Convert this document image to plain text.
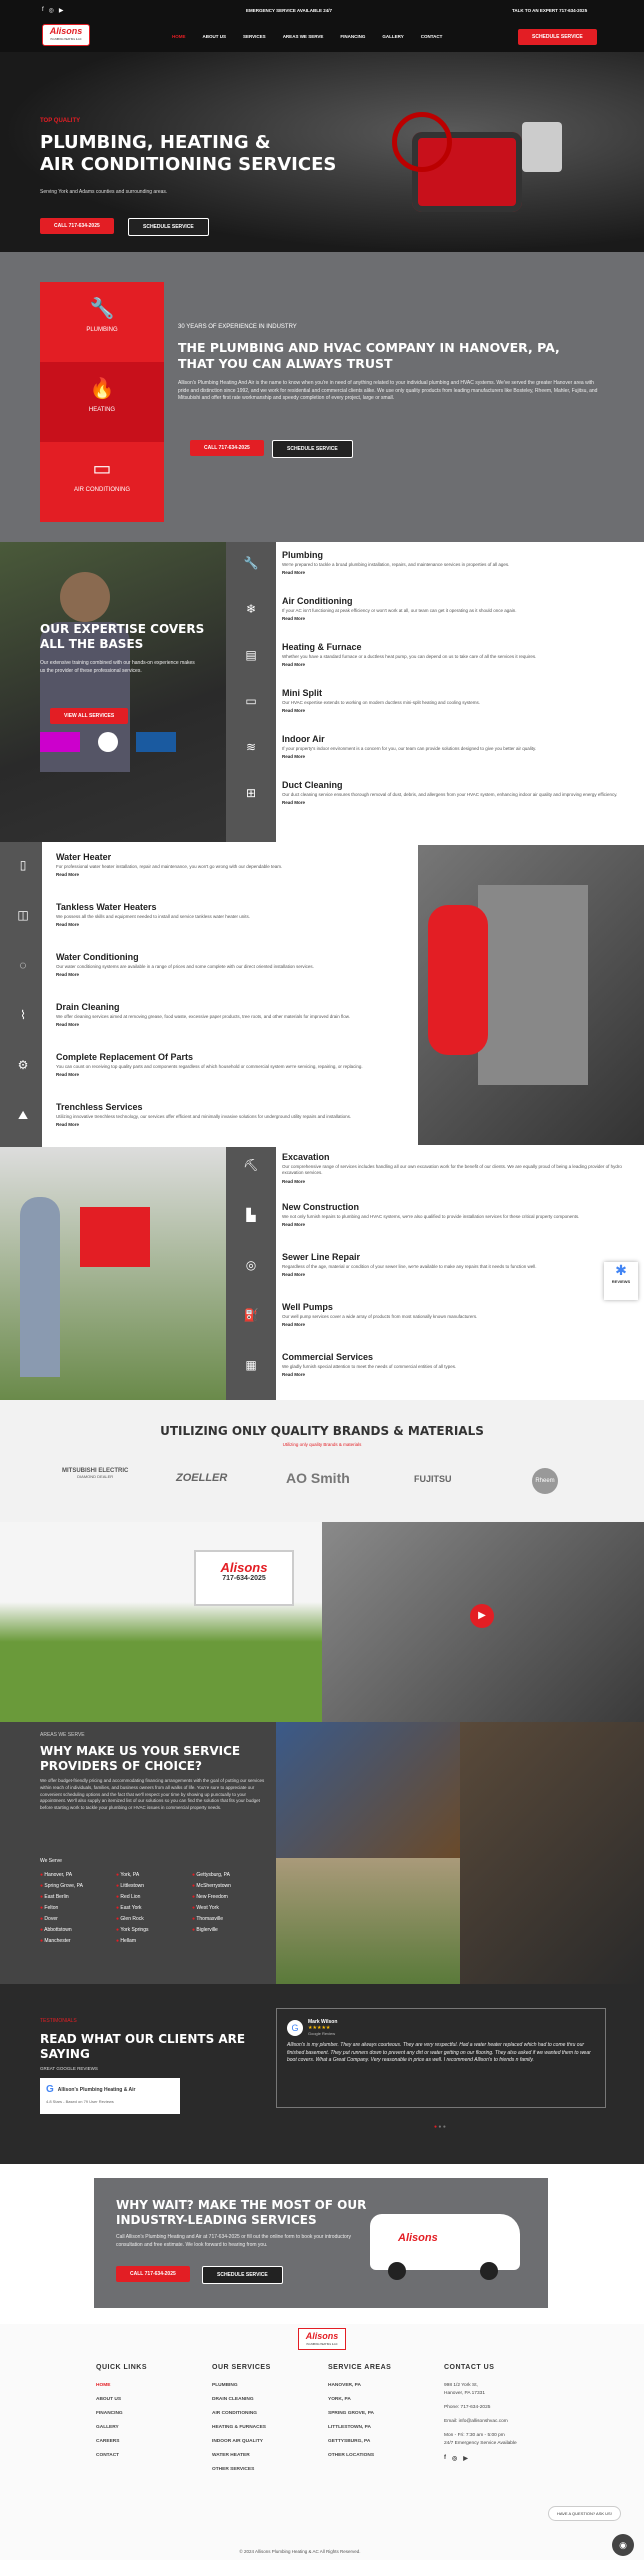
f ◎ ▶	EMERGENCY SERVICE AVAILABLE 24/7	TALK TO AN EXPERT 717-634-2025
Alisons
PLUMBING HEATING & AC
HOME	ABOUT US	SERVICES	AREAS WE SERVE	FINANCING	GALLERY	CONTACT	SCHEDULE SERVICE
TOP QUALITY
PLUMBING, HEATING &
AIR CONDITIONING SERVICES
Serving York and Adams counties and surrounding areas.
CALL 717-634-2025	SCHEDULE SERVICE
🔧
PLUMBING
🔥
HEATING
▭
AIR CONDITIONING
30 YEARS OF EXPERIENCE IN INDUSTRY
THE PLUMBING AND HVAC COMPANY IN HANOVER, PA, THAT YOU CAN ALWAYS TRUST
Allison's Plumbing Heating And Air is the name to know when you're in need of anything related to your individual plumbing and HVAC systems. We've served the greater Hanover area with pride and distinction since 1992, and we work for residential and commercial clients alike. We use only quality products from leading manufacturers like Bosteley, Rheem, Mahler, Fujitsu, and Mitsubishi and offer first rate workmanship and speedy completion of every project, large or small.
CALL 717-634-2025	SCHEDULE SERVICE
OUR EXPERTISE COVERS
ALL THE BASES
Our extensive training combined with our hands-on experience makes us the provider of these professional services.
VIEW ALL SERVICES
🔧
Plumbing
We're prepared to tackle a broad plumbing installation, repairs, and maintenance services in properties of all ages.
Read More
❄
Air Conditioning
If your AC isn't functioning at peak efficiency or won't work at all, our team can get it operating as it should once again.
Read More
▤
Heating & Furnace
Whether you have a standard furnace or a ductless heat pump, you can depend on us to take care of all the services it requires.
Read More
▭
Mini Split
Our HVAC expertise extends to working on modern ductless mini-split heating and cooling systems.
Read More
≋
Indoor Air
If your property's indoor environment is a concern for you, our team can provide solutions designed to give you better air quality.
Read More
⊞
Duct Cleaning
Our duct cleaning service ensures thorough removal of dust, debris, and allergens from your HVAC system, enhancing indoor air quality and improving energy efficiency.
Read More
▯
Water Heater
For professional water heater installation, repair and maintenance, you won't go wrong with our dependable team.
Read More
◫
Tankless Water Heaters
We possess all the skills and equipment needed to install and service tankless water heater units.
Read More
◌
Water Conditioning
Our water conditioning systems are available in a range of prices and some complete with our direct oriented installation services.
Read More
⌇
Drain Cleaning
We offer cleaning services aimed at removing grease, food waste, excessive paper products, tree roots, and other materials for improved drain flow.
Read More
⚙
Complete Replacement Of Parts
You can count on receiving top quality parts and components regardless of which household or commercial system we're servicing, repairing, or replacing.
Read More
⛰
Trenchless Services
Utilizing innovative trenchless technology, our services offer efficient and minimally invasive solutions for underground utility repairs and installations.
Read More
⛏
Excavation
Our comprehensive range of services includes handling all our own excavation work for the benefit of our clients. We are equally proud of being a leading provider of hydro excavation services.
Read More
▙
New Construction
We not only furnish repairs to plumbing and HVAC systems, we're also qualified to provide installation services for these critical property components.
Read More
◎
Sewer Line Repair
Regardless of the age, material or condition of your sewer line, we're available to make any repairs that it needs to function well.
Read More
⛽
Well Pumps
Our well pump services cover a wide array of products from most nationally known manufacturers.
Read More
▦
Commercial Services
We gladly furnish special attention to meet the needs of commercial entities of all types.
Read More
✱
REVIEWS
UTILIZING ONLY QUALITY BRANDS & MATERIALS
Utilizing only quality Brands & materials
MITSUBISHI ELECTRIC
DIAMOND DEALER	ZOELLER	AO Smith	FUJITSU	Rheem
Alisons
717-634-2025
▶
AREAS WE SERVE
WHY MAKE US YOUR SERVICE
PROVIDERS OF CHOICE?
We offer budget-friendly pricing and accommodating financing arrangements with the goal of putting our services within reach of individuals, families, and business owners from all walks of life. You're sure to appreciate our convenient scheduling options and the fact that we'll respect your time by showing up punctually to your appointment. We'll also supply an itemized list of our solutions so you can find the solution that fits your budget before starting work to tackle your plumbing or HVAC issues in commercial property needs.
We Serve
● Hanover, PA
● Spring Grove, PA
● East Berlin
● Felton
● Dover
● Abbottstown
● Manchester
● York, PA
● Littlestown
● Red Lion
● East York
● Glen Rock
● York Springs
● Hellam
● Gettysburg, PA
● McSherrystown
● New Freedom
● West York
● Thomasville
● Biglerville
TESTIMONIALS
READ WHAT OUR CLIENTS ARE
SAYING
GREAT GOOGLE REVIEWS
G Allison's Plumbing Heating & Air
4.8 Stars - Based on 79 User Reviews
G
Mark Wilson
★★★★★
Google Review
Allison's is my plumber. They are always courteous. They are very respectful. Had a water heater replaced which had to come thru our finished basement. They put runners down to prevent any dirt or water getting on our flooring. They also asked if we wanted them to wear boot covers. What a Great Company. Very reasonable in price as well. I recommend Allison's to friends n family.
● ● ●
WHY WAIT? MAKE THE MOST OF OUR
INDUSTRY-LEADING SERVICES
Call Allison's Plumbing Heating and Air at 717-634-2025 or fill out the online form to book your introductory consultation and free estimate. We look forward to hearing from you.
CALL 717-634-2025	SCHEDULE SERVICE
Alisons
Alisons
PLUMBING HEATING & AC
QUICK LINKS
HOME
ABOUT US
FINANCING
GALLERY
CAREERS
CONTACT
OUR SERVICES
PLUMBING
DRAIN CLEANING
AIR CONDITIONING
HEATING & FURNACES
INDOOR AIR QUALITY
WATER HEATER
OTHER SERVICES
SERVICE AREAS
HANOVER, PA
YORK, PA
SPRING GROVE, PA
LITTLESTOWN, PA
GETTYSBURG, PA
OTHER LOCATIONS
CONTACT US
998 1/2 York St,
Hanover, PA 17331
Phone: 717-634-2025
Email: info@allisonshvac.com
Mon - Fri: 7:30 am - 5:00 pm
24/7 Emergency Service Available
f ◎ ▶
HAVE A QUESTION? ASK US!
◉
© 2024 Allisons Plumbing Heating & AC All Rights Reserved.
